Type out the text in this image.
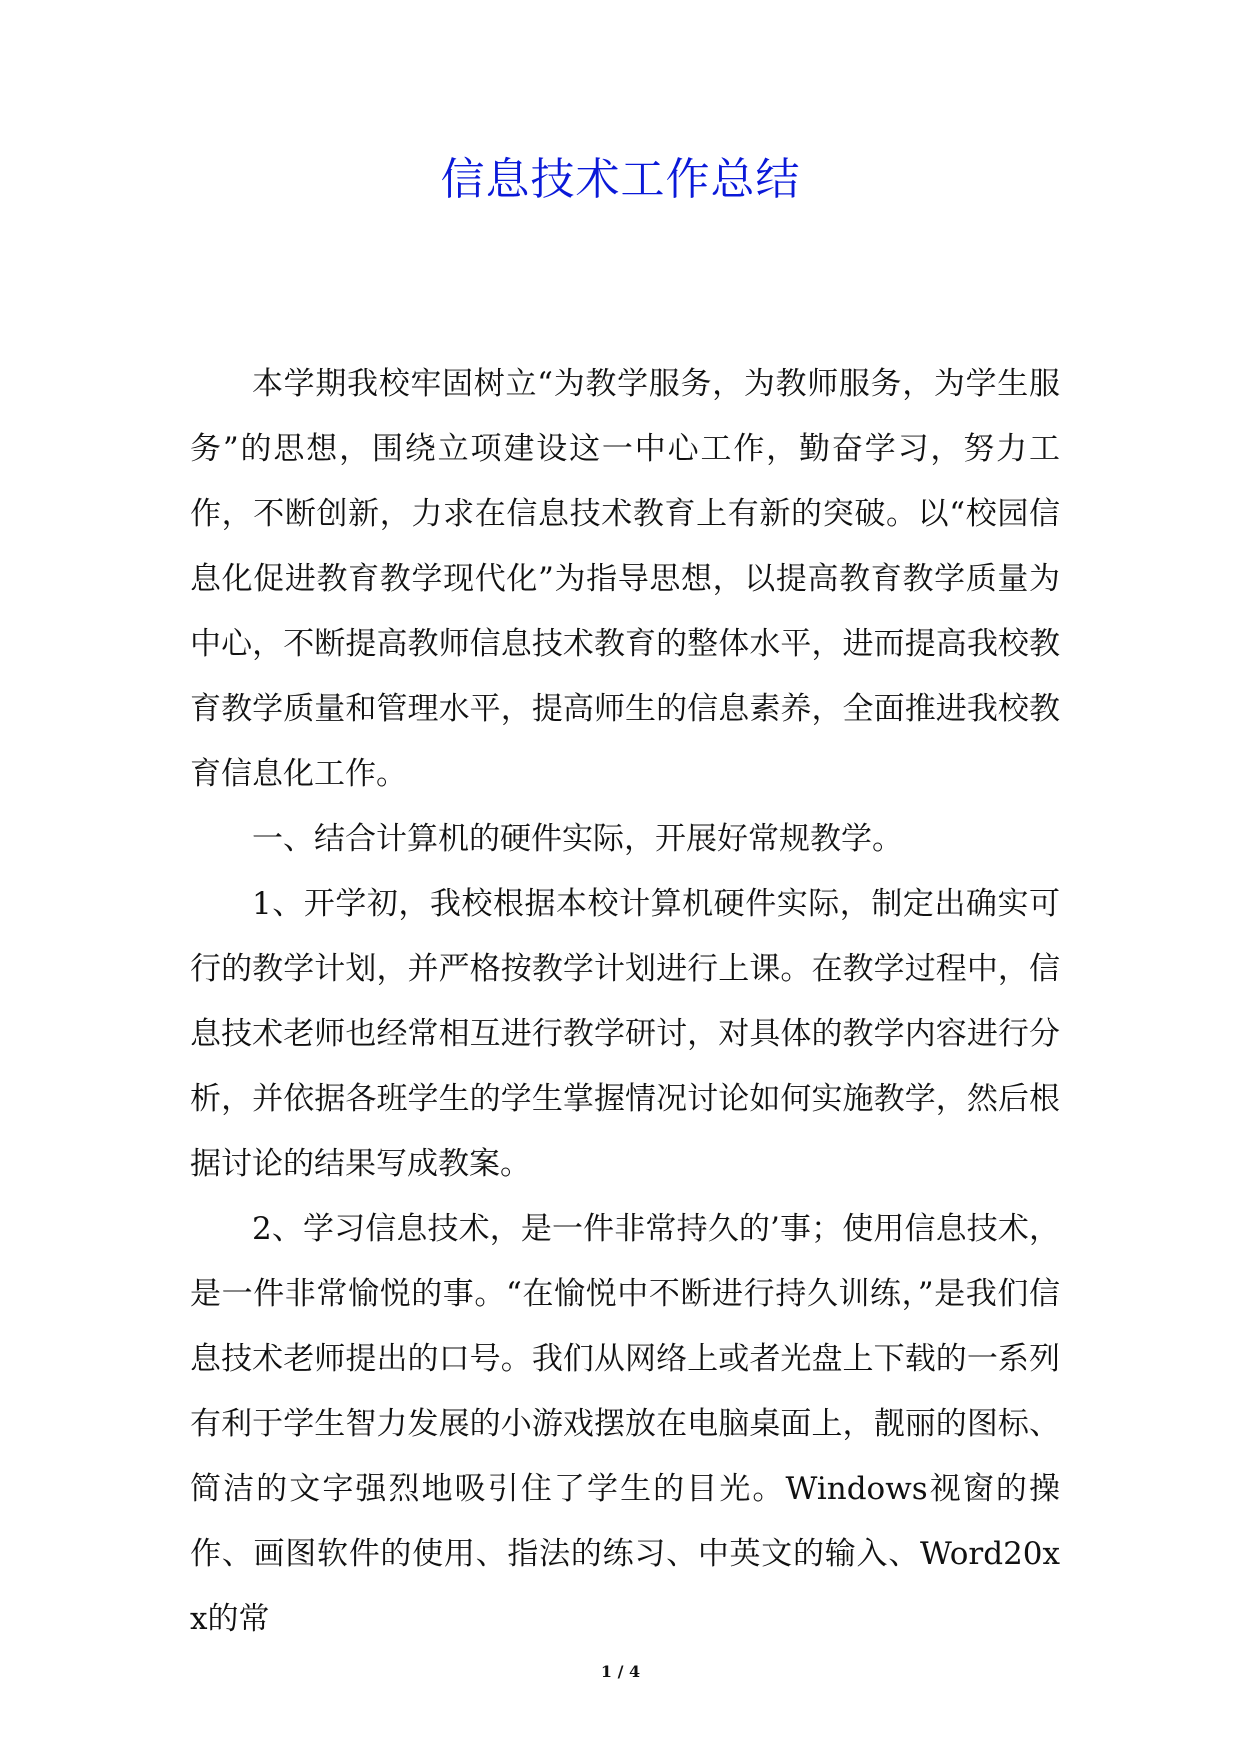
信息技术工作总结

本学期我校牢固树立“为教学服务，为教师服务，为学生服务”的思想，围绕立项建设这一中心工作，勤奋学习，努力工作，不断创新，力求在信息技术教育上有新的突破。以“校园信息化促进教育教学现代化”为指导思想，以提高教育教学质量为中心，不断提高教师信息技术教育的整体水平，进而提高我校教育教学质量和管理水平，提高师生的信息素养，全面推进我校教育信息化工作。

一、结合计算机的硬件实际，开展好常规教学。

1、开学初，我校根据本校计算机硬件实际，制定出确实可行的教学计划，并严格按教学计划进行上课。在教学过程中，信息技术老师也经常相互进行教学研讨，对具体的教学内容进行分析，并依据各班学生的学生掌握情况讨论如何实施教学，然后根据讨论的结果写成教案。

2、学习信息技术，是一件非常持久的’事；使用信息技术，是一件非常愉悦的事。“在愉悦中不断进行持久训练，”是我们信息技术老师提出的口号。我们从网络上或者光盘上下载的一系列有利于学生智力发展的小游戏摆放在电脑桌面上，靓丽的图标、简洁的文字强烈地吸引住了学生的目光。Windows视窗的操作、画图软件的使用、指法的练习、中英文的输入、Word20xx的常

1 / 4
